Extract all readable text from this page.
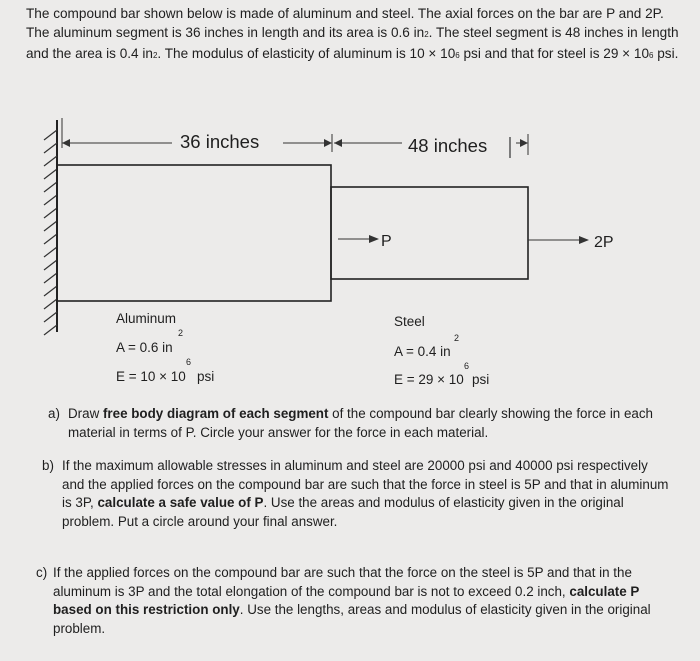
The compound bar shown below is made of aluminum and steel. The axial forces on the bar are P and 2P. The aluminum segment is 36 inches in length and its area is 0.6 in2. The steel segment is 48 inches in length and the area is 0.4 in2. The modulus of elasticity of aluminum is 10 × 106 psi and that for steel is 29 × 106 psi.

36 inches	48 inches
P	2P
Aluminum
2
A = 0.6 in
6
E = 10 × 10 psi
Steel
2
A = 0.4 in
6
E = 29 × 10 psi
a) Draw free body diagram of each segment of the compound bar clearly showing the force in each material in terms of P. Circle your answer for the force in each material.
b) If the maximum allowable stresses in aluminum and steel are 20000 psi and 40000 psi respectively and the applied forces on the compound bar are such that the force in steel is 5P and that in aluminum is 3P, calculate a safe value of P. Use the areas and modulus of elasticity given in the original problem. Put a circle around your final answer.
c) If the applied forces on the compound bar are such that the force on the steel is 5P and that in the aluminum is 3P and the total elongation of the compound bar is not to exceed 0.2 inch, calculate P based on this restriction only. Use the lengths, areas and modulus of elasticity given in the original problem.
